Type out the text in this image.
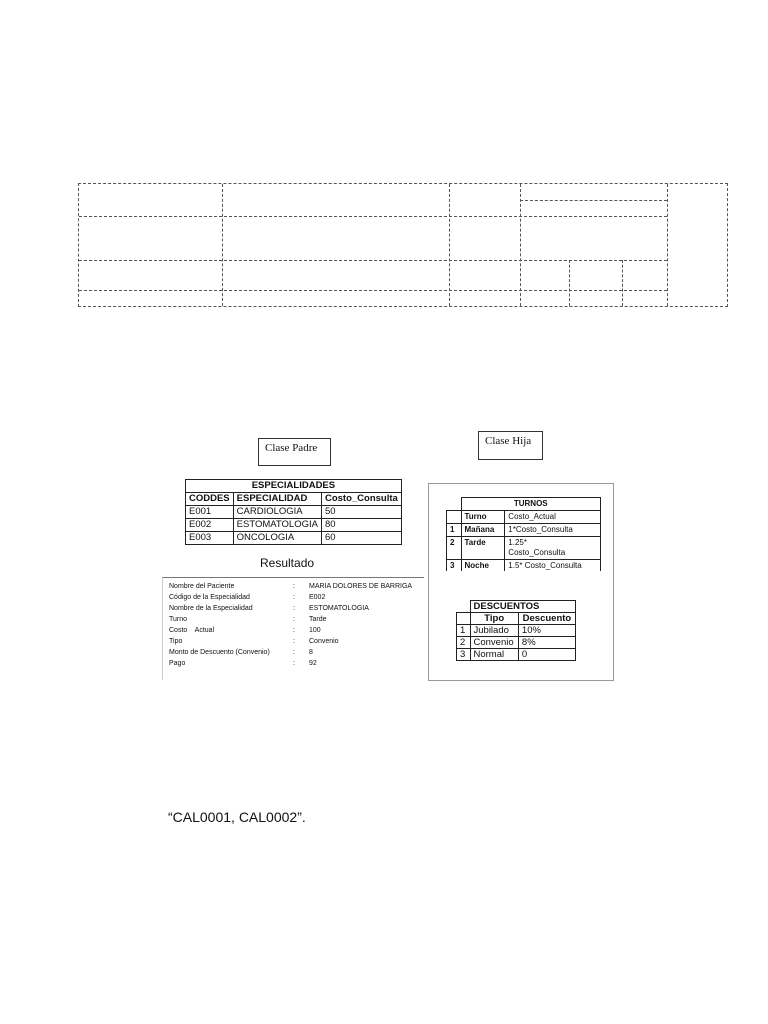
Clase Padre
Clase Hija
ESPECIALIDADES		
CODDES	ESPECIALIDAD	Costo_Consulta
E001	CARDIOLOGIA	50
E002	ESTOMATOLOGIA	80
E003	ONCOLOGIA	60
Resultado
Nombre del Paciente	: MARIA DOLORES DE BARRIGA
Código de la Especialidad	: E002
Nombre de la Especialidad	: ESTOMATOLOGIA
Turno	: Tarde
Costo    Actual	: 100
Tipo	: Convenio
Monto de Descuento (Convenio)	: 8
Pago	: 92
	TURNOS	
	Turno	Costo_Actual
1	Mañana	1*Costo_Consulta
2	Tarde	1.25*
Costo_Consulta
3	Noche	1.5* Costo_Consulta
	DESCUENTOS	
	Tipo	Descuento
1	Jubilado	10%
2	Convenio	8%
3	Normal	0
“CAL0001, CAL0002”.
